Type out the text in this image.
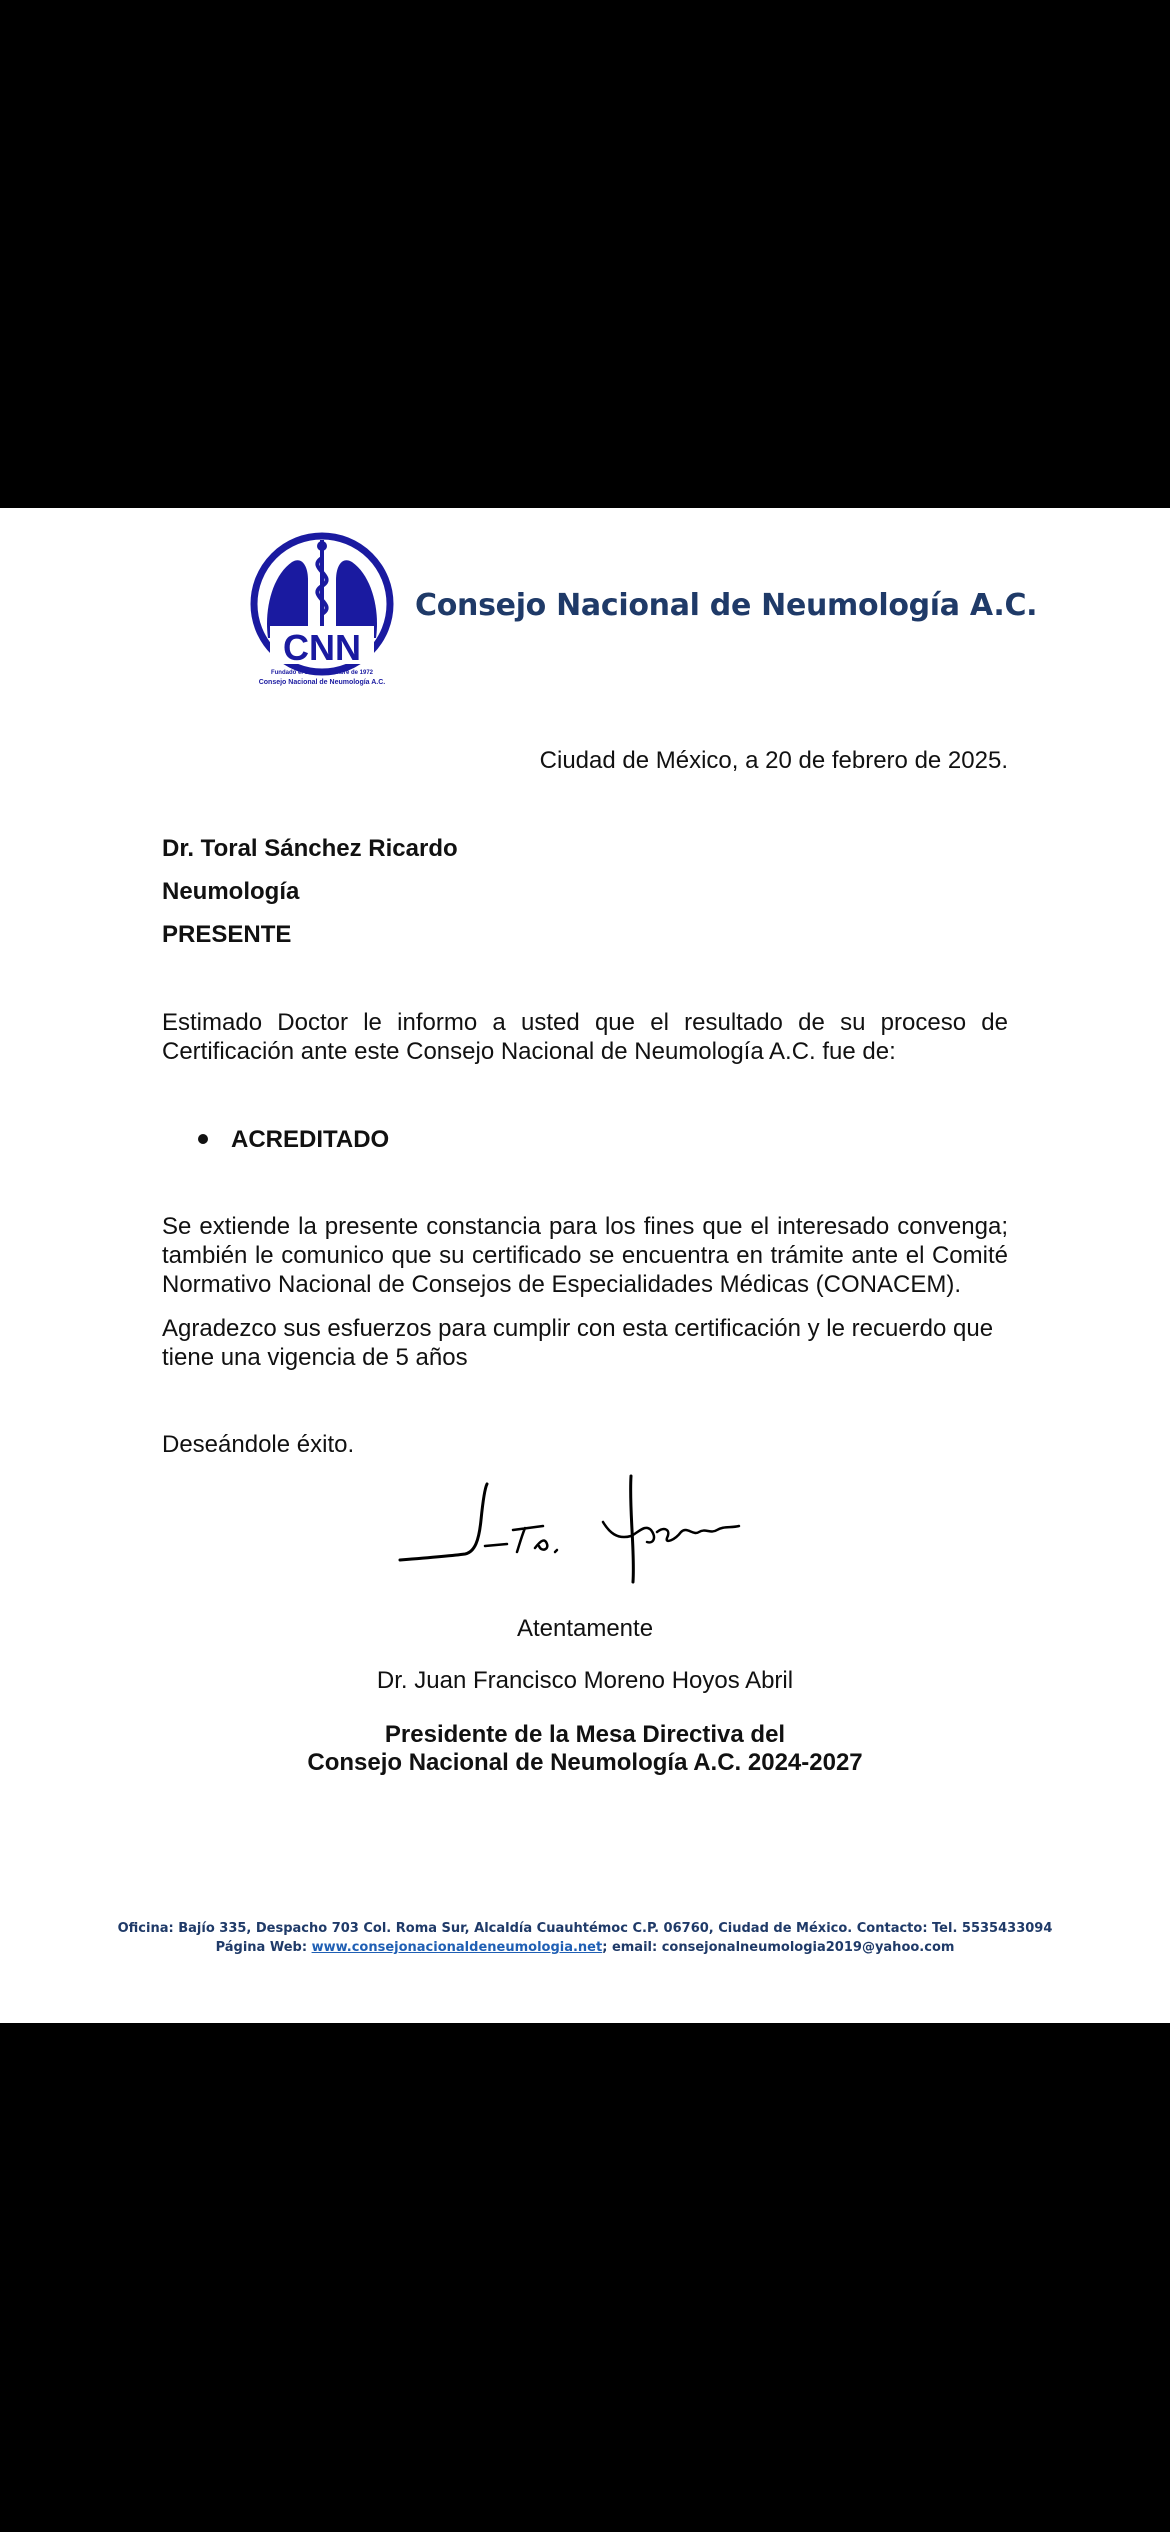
CNN
Fundado el 8 de Noviembre de 1972
Consejo Nacional de Neumología A.C.
Consejo Nacional de Neumología A.C.
Ciudad de México, a 20 de febrero de 2025.
Dr. Toral Sánchez Ricardo
Neumología
PRESENTE
Estimado Doctor le informo a usted que el resultado de su proceso de Certificación ante este Consejo Nacional de Neumología A.C. fue de:
ACREDITADO
Se extiende la presente constancia para los fines que el interesado convenga; también le comunico que su certificado se encuentra en trámite ante el Comité Normativo Nacional de Consejos de Especialidades Médicas (CONACEM).
Agradezco sus esfuerzos para cumplir con esta certificación y le recuerdo que tiene una vigencia de 5 años
Deseándole éxito.
Atentamente
Dr. Juan Francisco Moreno Hoyos Abril
Presidente de la Mesa Directiva del
Consejo Nacional de Neumología A.C. 2024-2027
Oficina: Bajío 335, Despacho 703 Col. Roma Sur, Alcaldía Cuauhtémoc C.P. 06760, Ciudad de México. Contacto: Tel. 5535433094
Página Web: www.consejonacionaldeneumologia.net; email: consejonalneumologia2019@yahoo.com
